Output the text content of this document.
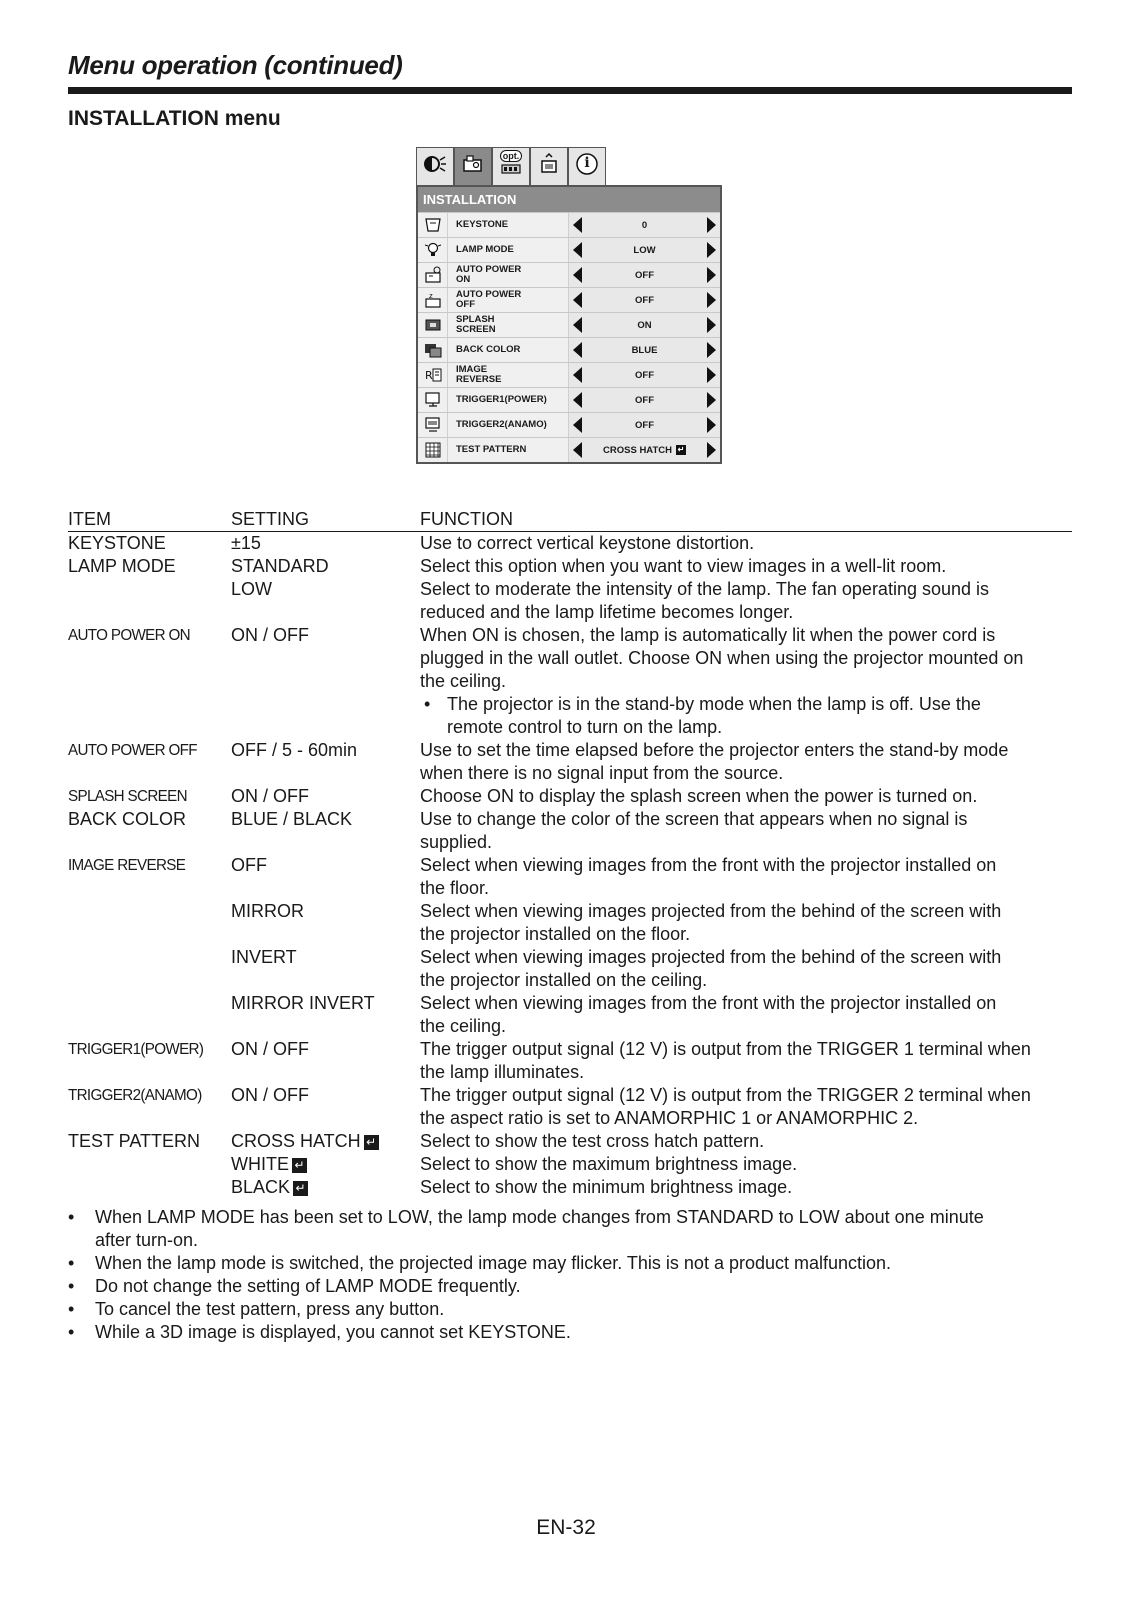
Menu operation (continued)
INSTALLATION menu
opt.	i
INSTALLATION
KEYSTONE	0
LAMP MODE	LOW
AUTO POWER
ON	OFF
z	AUTO POWER
OFF	OFF
SPLASH
SCREEN	ON
BACK COLOR	BLUE
R	IMAGE
REVERSE	OFF
TRIGGER1(POWER)	OFF
TRIGGER2(ANAMO)	OFF
TEST PATTERN	CROSS HATCH ↵
ITEM	SETTING	FUNCTION
KEYSTONE	±15	Use to correct vertical keystone distortion.
LAMP MODE	STANDARD	Select this option when you want to view images in a well-lit room.
LOW	Select to moderate the intensity of the lamp. The fan operating sound is
reduced and the lamp lifetime becomes longer.
AUTO POWER ON	ON / OFF	When ON is chosen, the lamp is automatically lit when the power cord is
plugged in the wall outlet. Choose ON when using the projector mounted on
the ceiling.
• The projector is in the stand-by mode when the lamp is off. Use the
remote control to turn on the lamp.
AUTO POWER OFF	OFF / 5 - 60min	Use to set the time elapsed before the projector enters the stand-by mode
when there is no signal input from the source.
SPLASH SCREEN	ON / OFF	Choose ON to display the splash screen when the power is turned on.
BACK COLOR	BLUE / BLACK	Use to change the color of the screen that appears when no signal is
supplied.
IMAGE REVERSE	OFF	Select when viewing images from the front with the projector installed on
the floor.
MIRROR	Select when viewing images projected from the behind of the screen with
the projector installed on the floor.
INVERT	Select when viewing images projected from the behind of the screen with
the projector installed on the ceiling.
MIRROR INVERT	Select when viewing images from the front with the projector installed on
the ceiling.
TRIGGER1(POWER)	ON / OFF	The trigger output signal (12 V) is output from the TRIGGER 1 terminal when
the lamp illuminates.
TRIGGER2(ANAMO)	ON / OFF	The trigger output signal (12 V) is output from the TRIGGER 2 terminal when
the aspect ratio is set to ANAMORPHIC 1 or ANAMORPHIC 2.
TEST PATTERN	CROSS HATCH ↵	Select to show the test cross hatch pattern.
WHITE ↵	Select to show the maximum brightness image.
BLACK ↵	Select to show the minimum brightness image.
•	When LAMP MODE has been set to LOW, the lamp mode changes from STANDARD to LOW about one minute
after turn-on.
•	When the lamp mode is switched, the projected image may flicker. This is not a product malfunction.
•	Do not change the setting of LAMP MODE frequently.
•	To cancel the test pattern, press any button.
•	While a 3D image is displayed, you cannot set KEYSTONE.
EN-32
